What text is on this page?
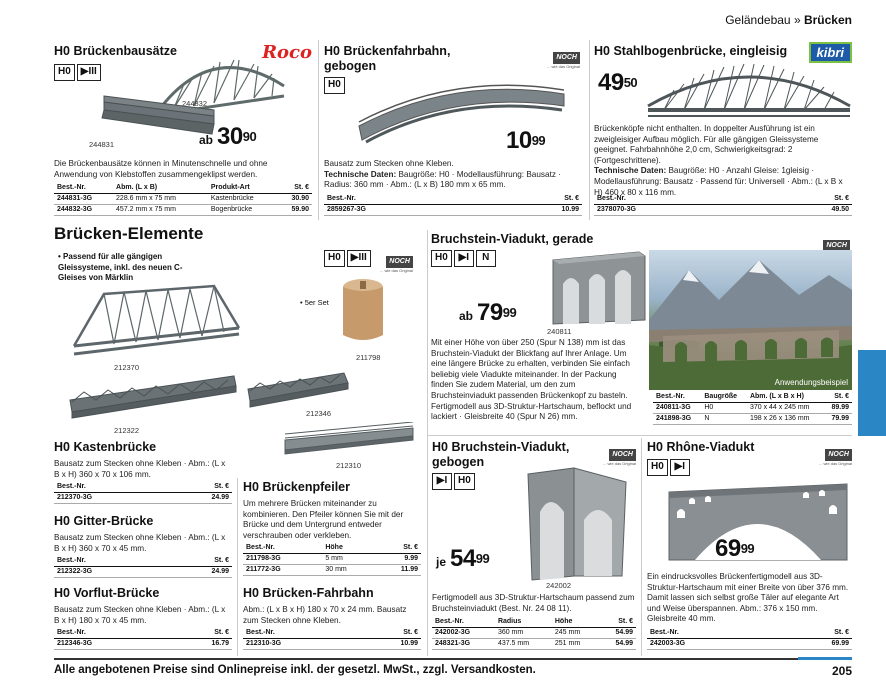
Geländebau » Brücken
H0 Brückenbausätze	Roco
H0	▶III
244832
244831	ab $30^{90}$
Die Brückenbausätze können in Minutenschnelle und ohne Anwendung von Klebstoffen zusammengeklipst werden.
Best.-Nr.	Abm. (L x B)	Produkt-Art	St. €
244831-3G	228.6 mm x 75 mm	Kastenbrücke	30.90
244832-3G	457.2 mm x 75 mm	Bogenbrücke	59.90
H0 Brückenfahrbahn,
gebogen
NOCH
... wie das Original
H0
$10^{99}$
Bausatz zum Stecken ohne Kleben.
Technische Daten: Baugröße: H0 · Modellausführung: Bausatz · Radius: 360 mm · Abm.: (L x B) 180 mm x 65 mm.
Best.-Nr.	St. €
2859267-3G	10.99
H0 Stahlbogenbrücke, eingleisig	kibri
$49^{50}$
Brückenköpfe nicht enthalten. In doppelter Ausführung ist ein zweigleisiger Aufbau möglich. Für alle gängigen Gleissysteme geeignet. Fahrbahnhöhe 2,0 cm, Schwierigkeitsgrad: 2 (Fortgeschrittene).
Technische Daten: Baugröße: H0 · Anzahl Gleise: 1gleisig · Modellausführung: Bausatz · Passend für: Universell · Abm.: (L x B x H) 460 x 80 x 116 mm.
Best.-Nr.	St. €
2378070-3G	49.50
Brücken-Elemente
H0	▶III	NOCH
... wie das Original
• Passend für alle gängigen Gleissysteme, inkl. des neuen C-Gleises von Märklin
212370
212322
212346
212310
• 5er Set
211798
H0 Kastenbrücke
Bausatz zum Stecken ohne Kleben · Abm.: (L x B x H) 360 x 70 x 106 mm.
Best.-Nr.	St. €
212370-3G	24.99
H0 Gitter-Brücke
Bausatz zum Stecken ohne Kleben · Abm.: (L x B x H) 360 x 70 x 45 mm.
Best.-Nr.	St. €
212322-3G	24.99
H0 Vorflut-Brücke
Bausatz zum Stecken ohne Kleben · Abm.: (L x B x H) 180 x 70 x 45 mm.
Best.-Nr.	St. €
212346-3G	16.79
H0 Brückenpfeiler
Um mehrere Brücken miteinander zu kombinieren. Den Pfeiler können Sie mit der Brücke und dem Untergrund entweder verschrauben oder verkleben.
Best.-Nr.	Höhe	St. €
211798-3G	5 mm	9.99
211772-3G	30 mm	11.99
H0 Brücken-Fahrbahn
Abm.: (L x B x H) 180 x 70 x 24 mm. Bausatz zum Stecken ohne Kleben.
Best.-Nr.	St. €
212310-3G	10.99
Bruchstein-Viadukt, gerade	NOCH
H0	▶I	N
ab $79^{99}$
240811
Anwendungsbeispiel
Mit einer Höhe von über 250 (Spur N 138) mm ist das Bruchstein-Viadukt der Blickfang auf Ihrer Anlage. Um eine längere Brücke zu erhalten, verbinden Sie einfach beliebig viele Viadukte miteinander. In der Packung finden Sie zudem Material, um den zum Bruchsteinviadukt passenden Brückenkopf zu basteln. Fertigmodell aus 3D-Struktur-Hartschaum, beflockt und lackiert · Gleisbreite 40 (Spur N 26) mm.
Best.-Nr.	Baugröße	Abm. (L x B x H)	St. €
240811-3G	H0	370 x 44 x 245 mm	89.99
241898-3G	N	198 x 26 x 136 mm	79.99
H0 Bruchstein-Viadukt,
gebogen
NOCH
... wie das Original
▶I	H0
je $54^{99}$
242002
Fertigmodell aus 3D-Struktur-Hartschaum passend zum Bruchsteinviadukt (Best. Nr. 24 08 11).
Best.-Nr.	Radius	Höhe	St. €
242002-3G	360 mm	245 mm	54.99
248321-3G	437.5 mm	251 mm	54.99
H0 Rhône-Viadukt
NOCH
... wie das Original
H0	▶I
$69^{99}$
Ein eindrucksvolles Brückenfertigmodell aus 3D-Struktur-Hartschaum mit einer Breite von über 376 mm. Damit lassen sich selbst große Täler auf elegante Art und Weise überspannen. Abm.: 376 x 150 mm. Gleisbreite 40 mm.
Best.-Nr.	St. €
242003-3G	69.99
Alle angebotenen Preise sind Onlinepreise inkl. der gesetzl. MwSt., zzgl. Versandkosten.	205
